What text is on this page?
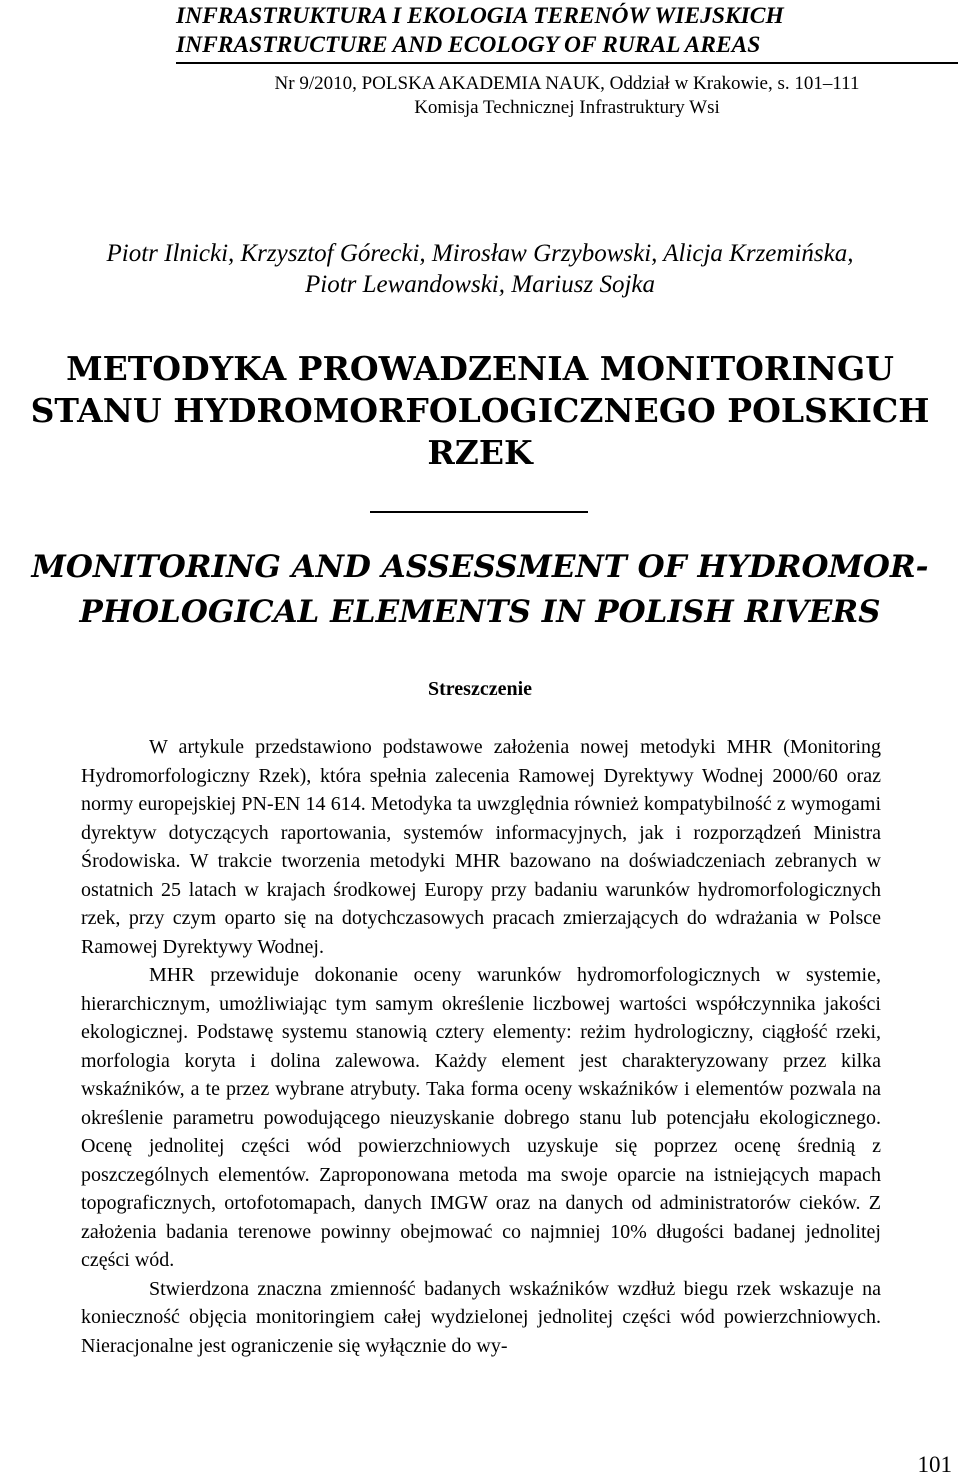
INFRASTRUKTURA I EKOLOGIA TERENÓW WIEJSKICH
INFRASTRUCTURE AND ECOLOGY OF RURAL AREAS
Nr 9/2010, POLSKA AKADEMIA NAUK, Oddział w Krakowie, s. 101–111
Komisja Technicznej Infrastruktury Wsi
Piotr Ilnicki, Krzysztof Górecki, Mirosław Grzybowski, Alicja Krzemińska,
Piotr Lewandowski, Mariusz Sojka
METODYKA PROWADZENIA MONITORINGU
STANU HYDROMORFOLOGICZNEGO POLSKICH
RZEK
MONITORING AND ASSESSMENT OF HYDROMOR-
PHOLOGICAL ELEMENTS IN POLISH RIVERS
Streszczenie

W artykule przedstawiono podstawowe założenia nowej metodyki MHR (Monitoring Hydromorfologiczny Rzek), która spełnia zalecenia Ramowej Dyrektywy Wodnej 2000/60 oraz normy europejskiej PN-EN 14 614. Metodyka ta uwzględnia również kompatybilność z wymogami dyrektyw dotyczących raportowania, systemów informacyjnych, jak i rozporządzeń Ministra Środowiska. W trakcie tworzenia metodyki MHR bazowano na doświadczeniach zebranych w ostatnich 25 latach w krajach środkowej Europy przy badaniu warunków hydromorfologicznych rzek, przy czym oparto się na dotychczasowych pracach zmierzających do wdrażania w Polsce Ramowej Dyrektywy Wodnej.

MHR przewiduje dokonanie oceny warunków hydromorfologicznych w systemie, hierarchicznym, umożliwiając tym samym określenie liczbowej wartości współczynnika jakości ekologicznej. Podstawę systemu stanowią cztery elementy: reżim hydrologiczny, ciągłość rzeki, morfologia koryta i dolina zalewowa. Każdy element jest charakteryzowany przez kilka wskaźników, a te przez wybrane atrybuty. Taka forma oceny wskaźników i elementów pozwala na określenie parametru powodującego nieuzyskanie dobrego stanu lub potencjału ekologicznego. Ocenę jednolitej części wód powierzchniowych uzyskuje się poprzez ocenę średnią z poszczególnych elementów. Zaproponowana metoda ma swoje oparcie na istniejących mapach topograficznych, ortofotomapach, danych IMGW oraz na danych od administratorów cieków. Z założenia badania terenowe powinny obejmować co najmniej 10% długości badanej jednolitej części wód.

Stwierdzona znaczna zmienność badanych wskaźników wzdłuż biegu rzek wskazuje na konieczność objęcia monitoringiem całej wydzielonej jednolitej części wód powierzchniowych. Nieracjonalne jest ograniczenie się wyłącznie do wy-

101
